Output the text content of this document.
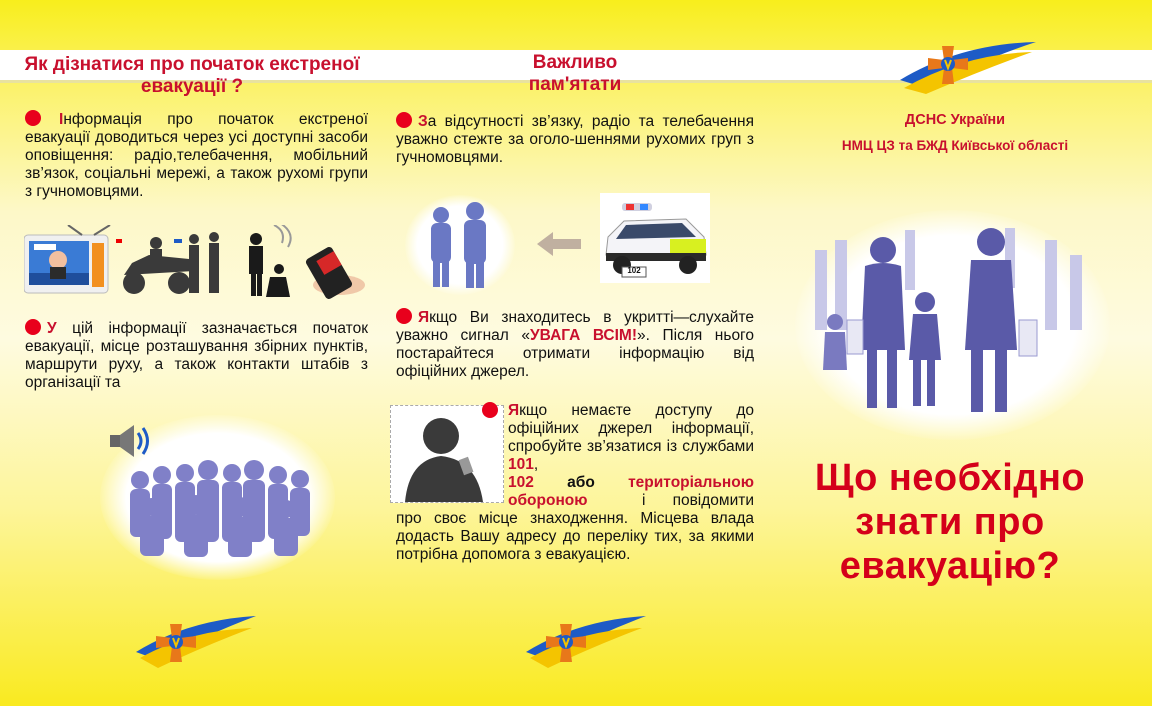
Як дізнатися про початок екстреної евакуації ?
Інформація про початок екстреної евакуації доводиться через усі доступні засоби оповіщення: радіо,телебачення, мобільний зв’язок, соціальні мережі, а також рухомі групи з гучномовцями.
У цій інформації зазначається початок евакуації, місце розташування збірних пунктів, маршрути руху, а також контакти штабів з організації та
Важливо
пам'ятати
За відсутності зв’язку, радіо та телебачення уважно стежте за оголо-шеннями рухомих груп з гучномовцями.
102
Якщо Ви знаходитесь в укритті—слухайте уважно сигнал «УВАГА ВСІМ!». Після нього постарайтеся отримати інформацію від офіційних джерел.
Якщо немаєте доступу до офіційних джерел інформації, спробуйте зв’язатися із службами 101,
102 або територіальною обороною	і повідомити про своє місце знаходження. Місцева влада додасть Вашу адресу до переліку тих, за якими потрібна допомога з евакуацією.
ДСНС України
НМЦ ЦЗ та БЖД Київської області
Що необхідно знати про евакуацію?
